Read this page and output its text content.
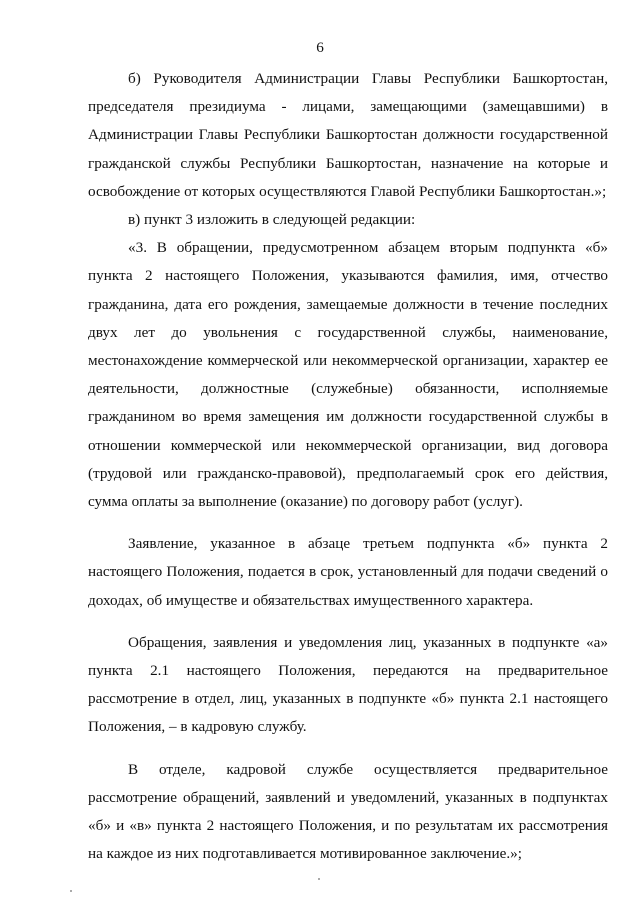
6

б) Руководителя Администрации Главы Республики Башкортостан, председателя президиума - лицами, замещающими (замещавшими) в Администрации Главы Республики Башкортостан должности государственной гражданской службы Республики Башкортостан, назначение на которые и освобождение от которых осуществляются Главой Республики Башкортостан.»;

в) пункт 3 изложить в следующей редакции:

«3. В обращении, предусмотренном абзацем вторым подпункта «б» пункта 2 настоящего Положения, указываются фамилия, имя, отчество гражданина, дата его рождения, замещаемые должности в течение последних двух лет до увольнения с государственной службы, наименование, местонахождение коммерческой или некоммерческой организации, характер ее деятельности, должностные (служебные) обязанности, исполняемые гражданином во время замещения им должности государственной службы в отношении коммерческой или некоммерческой организации, вид договора (трудовой или гражданско-правовой), предполагаемый срок его действия, сумма оплаты за выполнение (оказание) по договору работ (услуг).

Заявление, указанное в абзаце третьем подпункта «б» пункта 2 настоящего Положения, подается в срок, установленный для подачи сведений о доходах, об имуществе и обязательствах имущественного характера.

Обращения, заявления и уведомления лиц, указанных в подпункте «а» пункта 2.1 настоящего Положения, передаются на предварительное рассмотрение в отдел, лиц, указанных в подпункте «б» пункта 2.1 настоящего Положения, – в кадровую службу.

В отделе, кадровой службе осуществляется предварительное рассмотрение обращений, заявлений и уведомлений, указанных в подпунктах «б» и «в» пункта 2 настоящего Положения, и по результатам их рассмотрения на каждое из них подготавливается мотивированное заключение.»;
